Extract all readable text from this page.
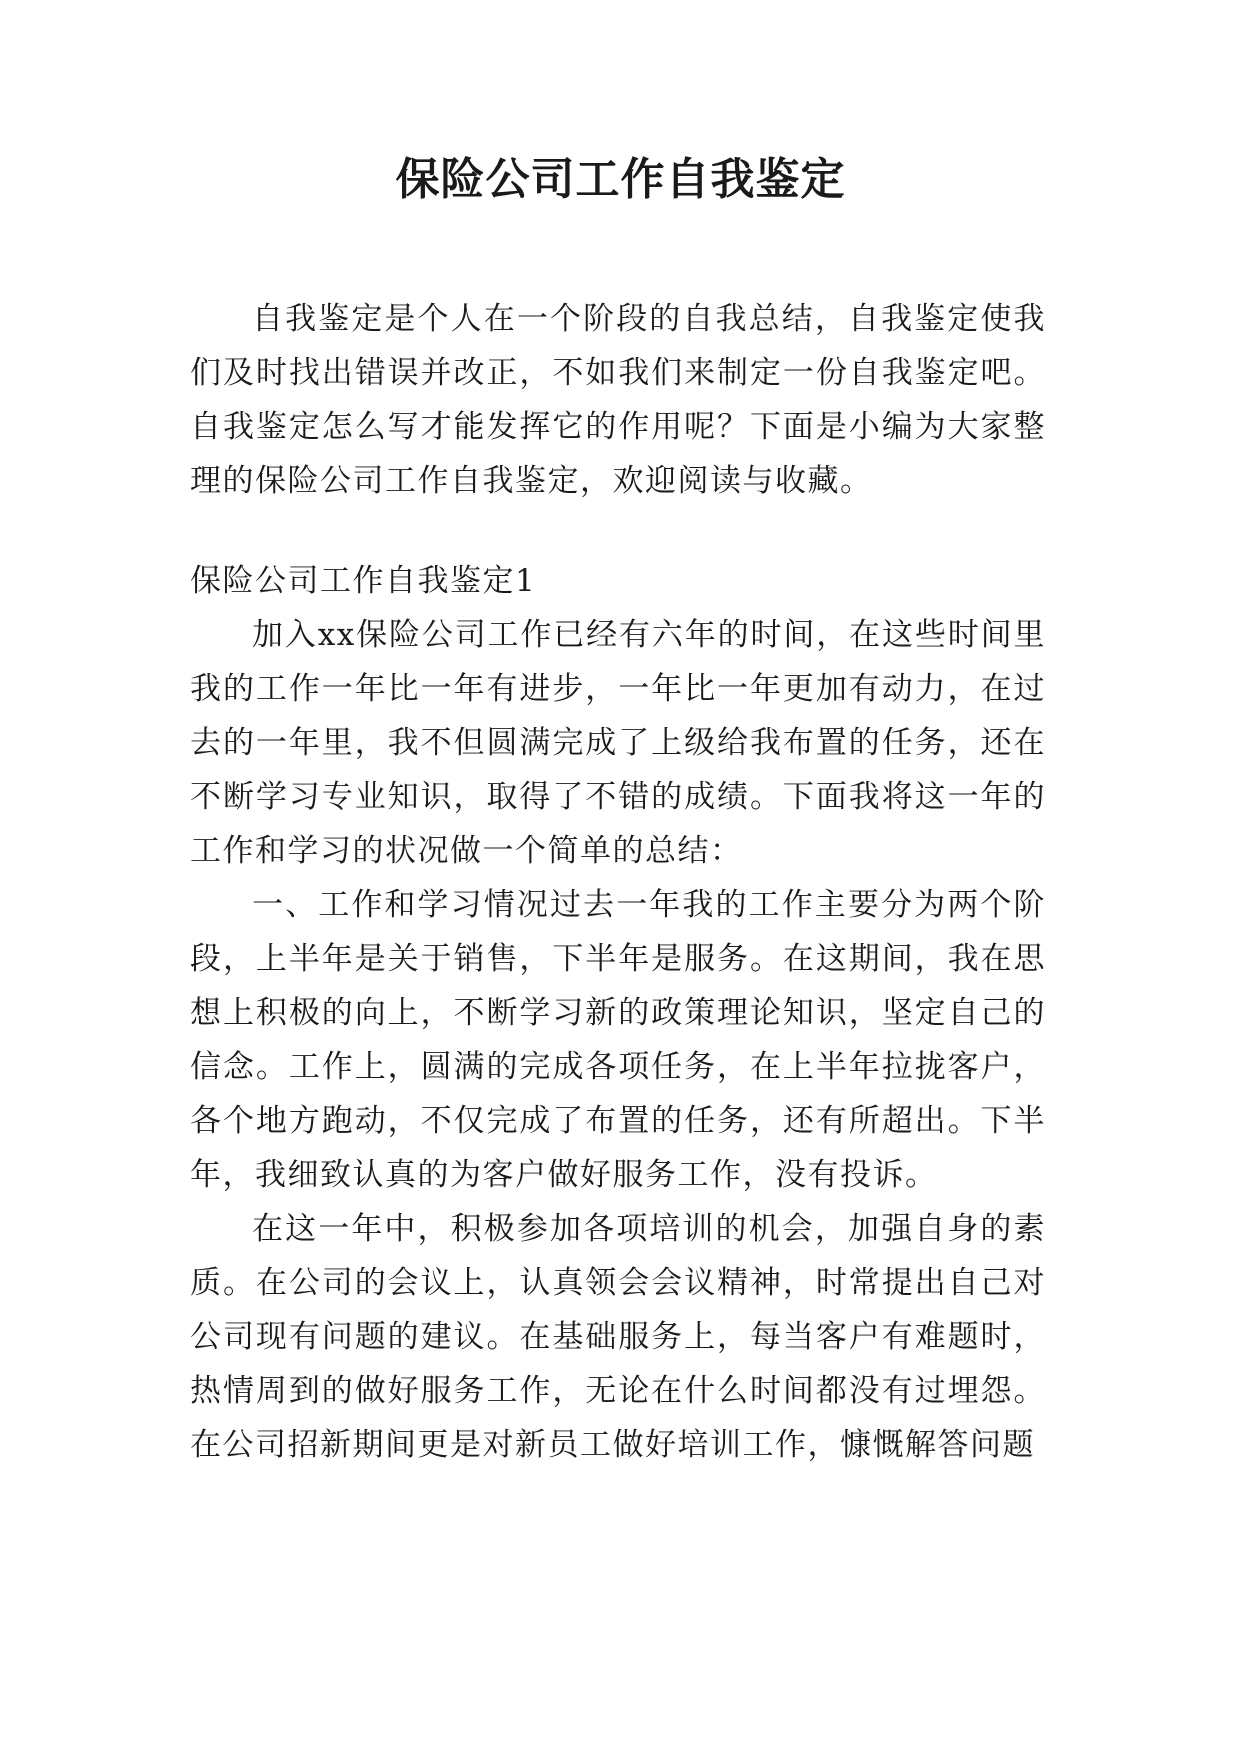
保险公司工作自我鉴定

自我鉴定是个人在一个阶段的自我总结，自我鉴定使我们及时找出错误并改正，不如我们来制定一份自我鉴定吧。自我鉴定怎么写才能发挥它的作用呢？下面是小编为大家整理的保险公司工作自我鉴定，欢迎阅读与收藏。

保险公司工作自我鉴定1

加入xx保险公司工作已经有六年的时间，在这些时间里我的工作一年比一年有进步，一年比一年更加有动力，在过去的一年里，我不但圆满完成了上级给我布置的任务，还在不断学习专业知识，取得了不错的成绩。下面我将这一年的工作和学习的状况做一个简单的总结：

一、工作和学习情况过去一年我的工作主要分为两个阶段，上半年是关于销售，下半年是服务。在这期间，我在思想上积极的向上，不断学习新的政策理论知识，坚定自己的信念。工作上，圆满的完成各项任务，在上半年拉拢客户，各个地方跑动，不仅完成了布置的任务，还有所超出。下半年，我细致认真的为客户做好服务工作，没有投诉。

在这一年中，积极参加各项培训的机会，加强自身的素质。在公司的会议上，认真领会会议精神，时常提出自己对公司现有问题的建议。在基础服务上，每当客户有难题时，热情周到的做好服务工作，无论在什么时间都没有过埋怨。在公司招新期间更是对新员工做好培训工作，慷慨解答问题
